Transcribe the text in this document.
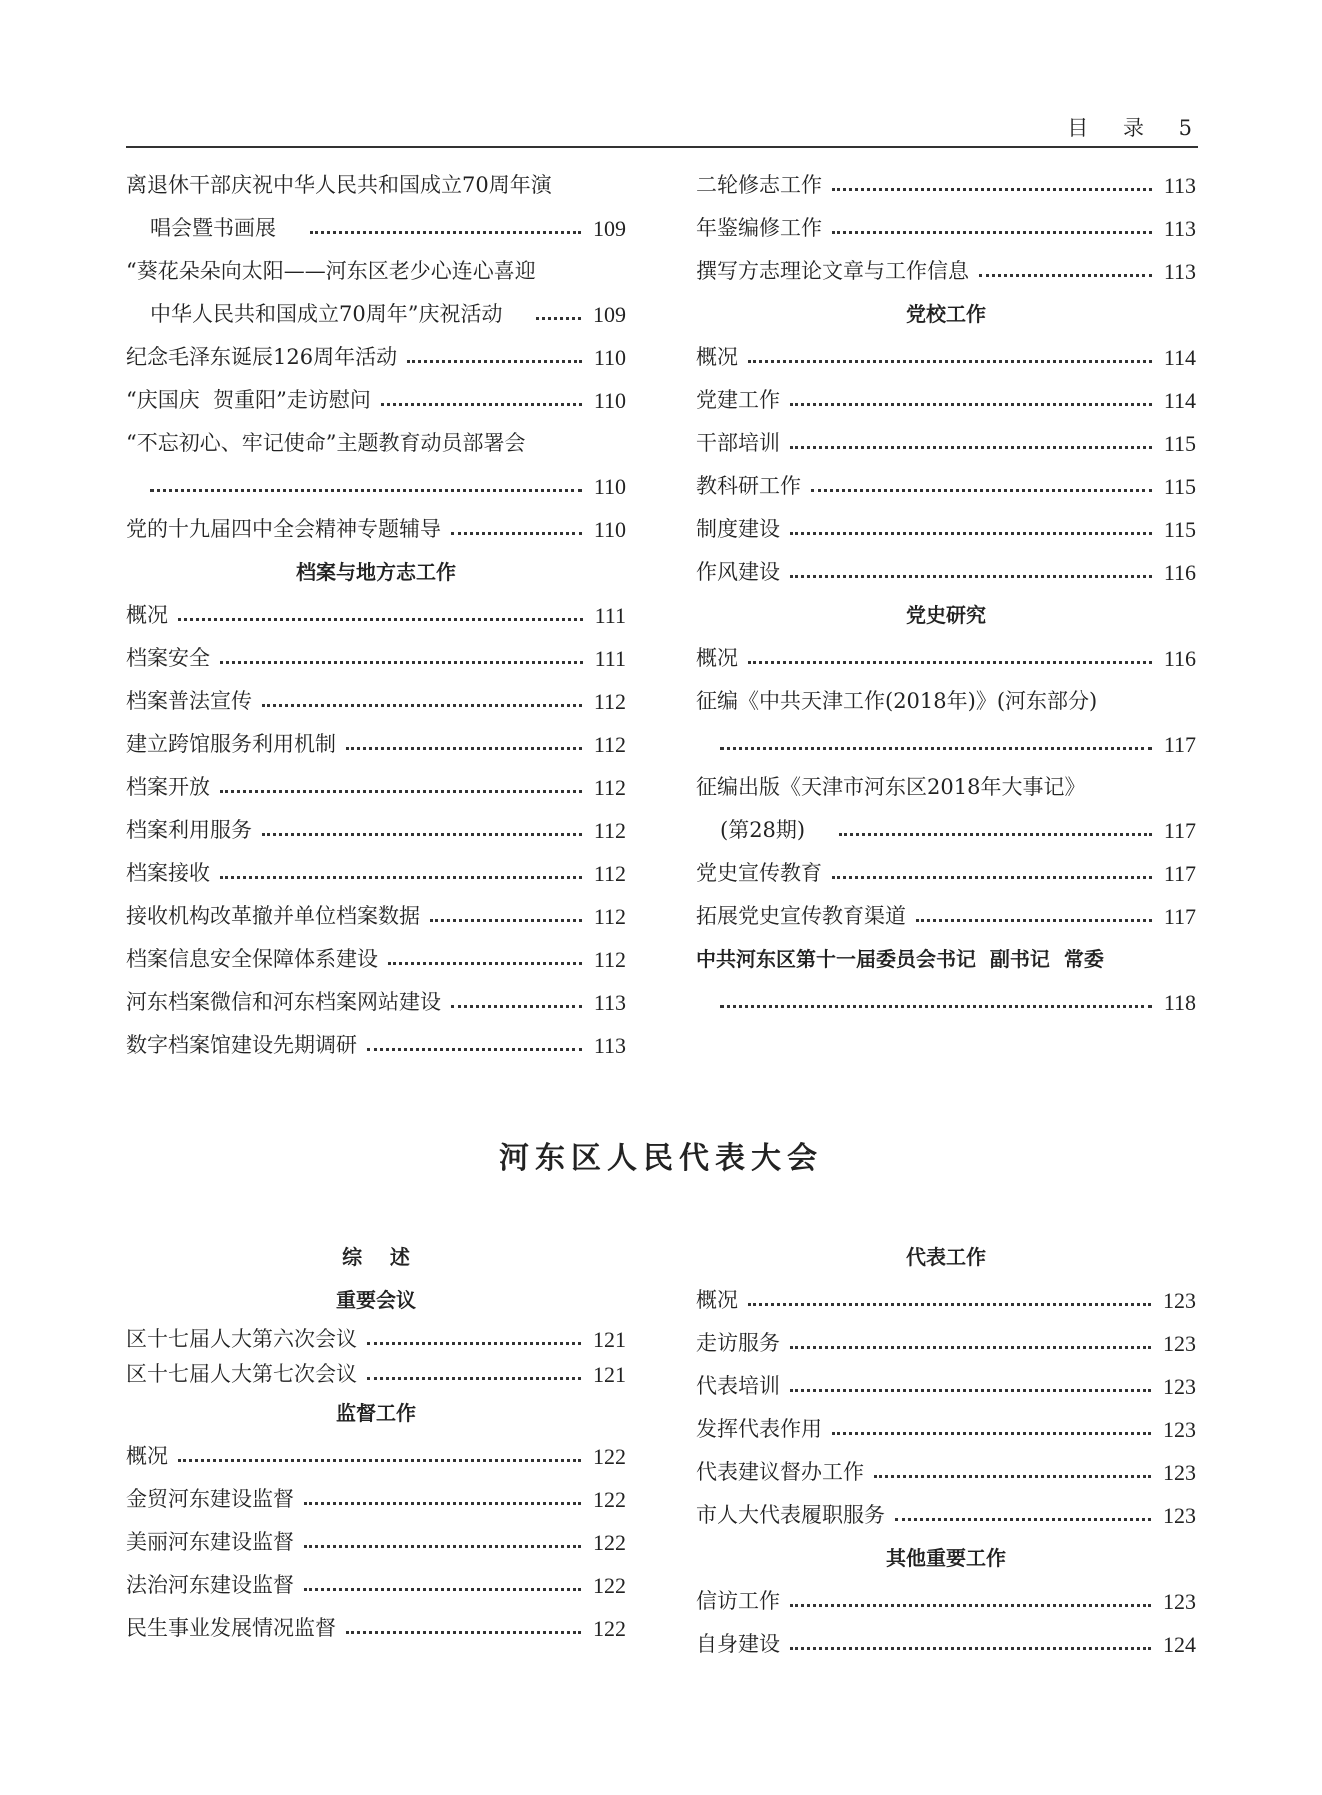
目 录 5
离退休干部庆祝中华人民共和国成立70周年演
唱会暨书画展	109
“葵花朵朵向太阳——河东区老少心连心喜迎
中华人民共和国成立70周年”庆祝活动	109
纪念毛泽东诞辰126周年活动	110
“庆国庆  贺重阳”走访慰问	110
“不忘初心、牢记使命”主题教育动员部署会
110
党的十九届四中全会精神专题辅导	110
档案与地方志工作
概况	111
档案安全	111
档案普法宣传	112
建立跨馆服务利用机制	112
档案开放	112
档案利用服务	112
档案接收	112
接收机构改革撤并单位档案数据	112
档案信息安全保障体系建设	112
河东档案微信和河东档案网站建设	113
数字档案馆建设先期调研	113
二轮修志工作	113
年鉴编修工作	113
撰写方志理论文章与工作信息	113
党校工作
概况	114
党建工作	114
干部培训	115
教科研工作	115
制度建设	115
作风建设	116
党史研究
概况	116
征编《中共天津工作(2018年)》(河东部分)
117
征编出版《天津市河东区2018年大事记》
(第28期)	117
党史宣传教育	117
拓展党史宣传教育渠道	117
中共河东区第十一届委员会书记  副书记  常委
118
河东区人民代表大会
综    述
重要会议
区十七届人大第六次会议	121
区十七届人大第七次会议	121
监督工作
概况	122
金贸河东建设监督	122
美丽河东建设监督	122
法治河东建设监督	122
民生事业发展情况监督	122
代表工作
概况	123
走访服务	123
代表培训	123
发挥代表作用	123
代表建议督办工作	123
市人大代表履职服务	123
其他重要工作
信访工作	123
自身建设	124
